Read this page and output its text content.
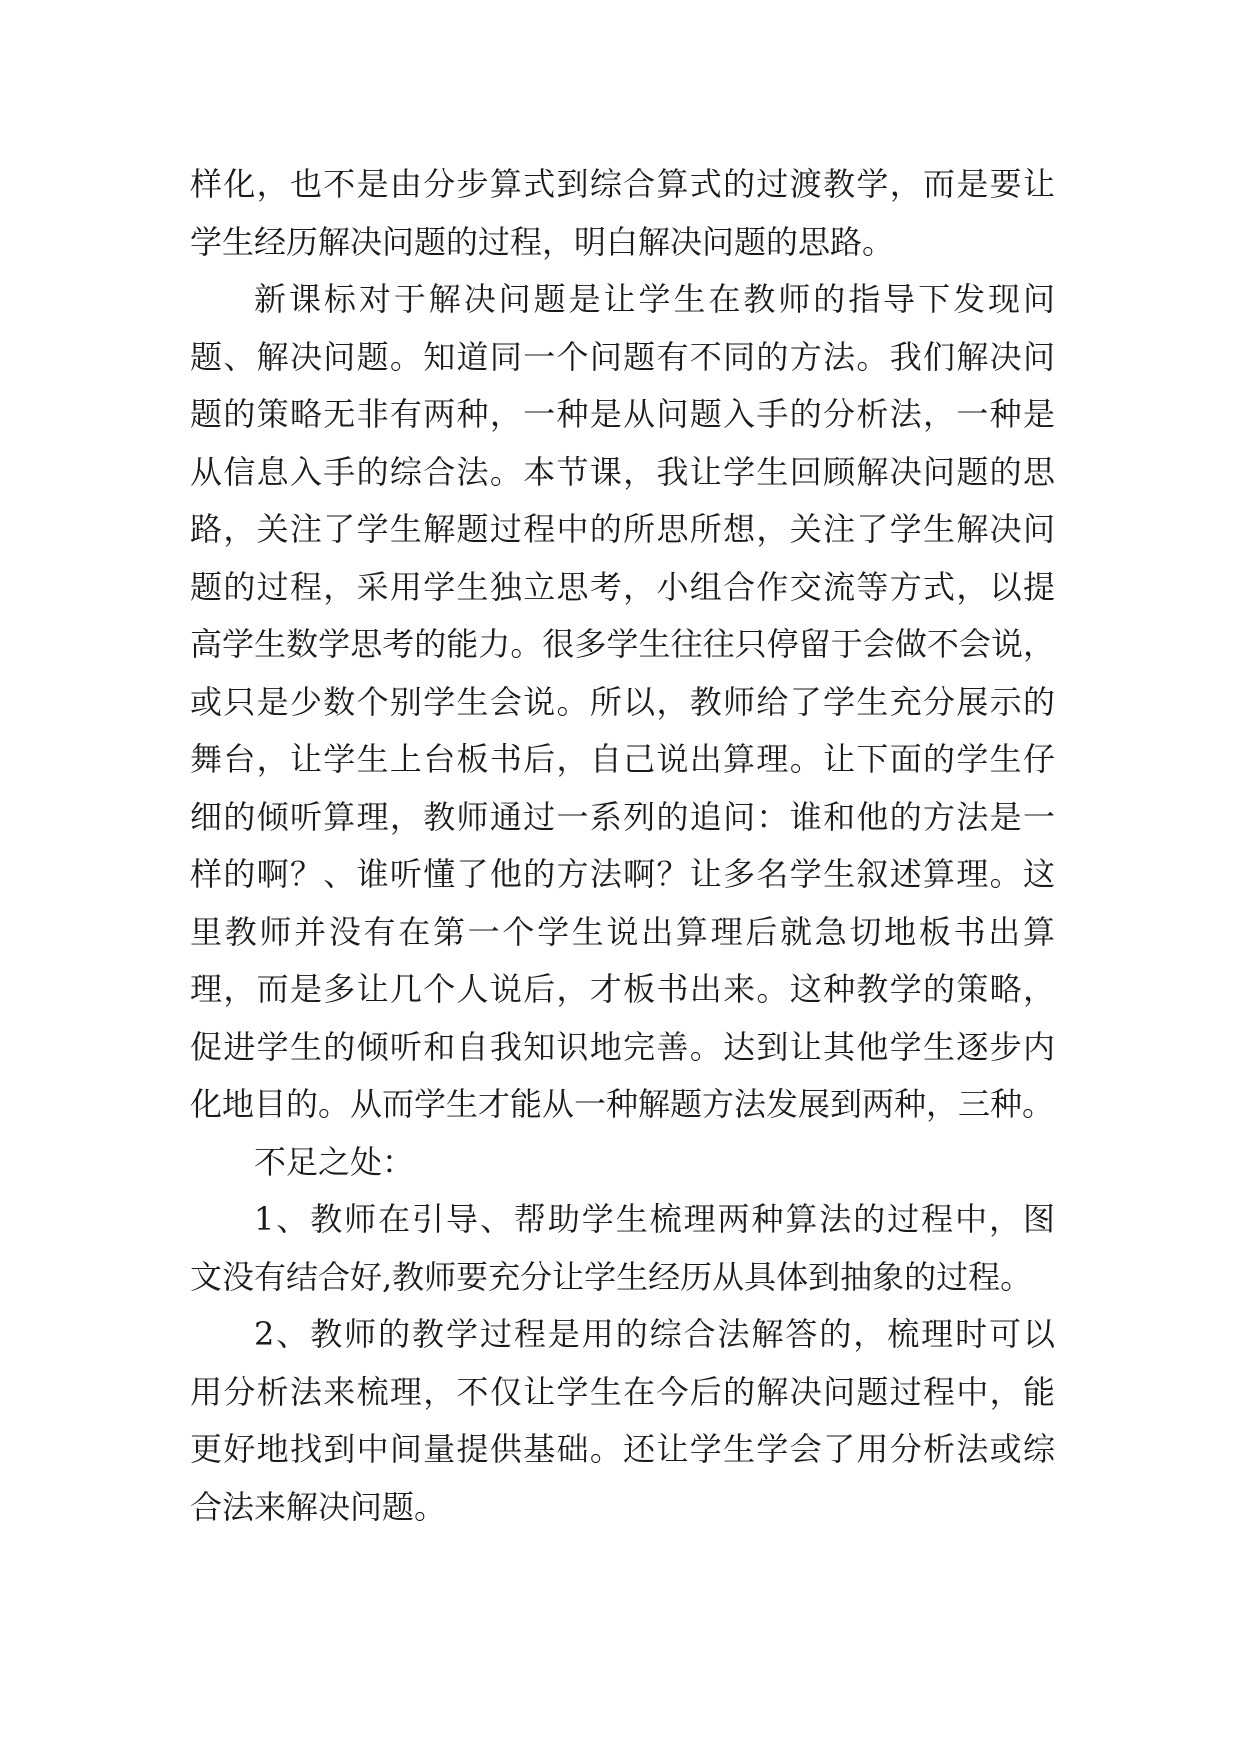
样化，也不是由分步算式到综合算式的过渡教学，而是要让
学生经历解决问题的过程，明白解决问题的思路。
新课标对于解决问题是让学生在教师的指导下发现问
题、解决问题。知道同一个问题有不同的方法。我们解决问
题的策略无非有两种，一种是从问题入手的分析法，一种是
从信息入手的综合法。本节课，我让学生回顾解决问题的思
路，关注了学生解题过程中的所思所想，关注了学生解决问
题的过程，采用学生独立思考，小组合作交流等方式，以提
高学生数学思考的能力。很多学生往往只停留于会做不会说，
或只是少数个别学生会说。所以，教师给了学生充分展示的
舞台，让学生上台板书后，自己说出算理。让下面的学生仔
细的倾听算理，教师通过一系列的追问：谁和他的方法是一
样的啊？、谁听懂了他的方法啊？让多名学生叙述算理。这
里教师并没有在第一个学生说出算理后就急切地板书出算
理，而是多让几个人说后，才板书出来。这种教学的策略，
促进学生的倾听和自我知识地完善。达到让其他学生逐步内
化地目的。从而学生才能从一种解题方法发展到两种，三种。
不足之处：
1、教师在引导、帮助学生梳理两种算法的过程中，图
文没有结合好,教师要充分让学生经历从具体到抽象的过程。
2、教师的教学过程是用的综合法解答的，梳理时可以
用分析法来梳理，不仅让学生在今后的解决问题过程中，能
更好地找到中间量提供基础。还让学生学会了用分析法或综
合法来解决问题。
